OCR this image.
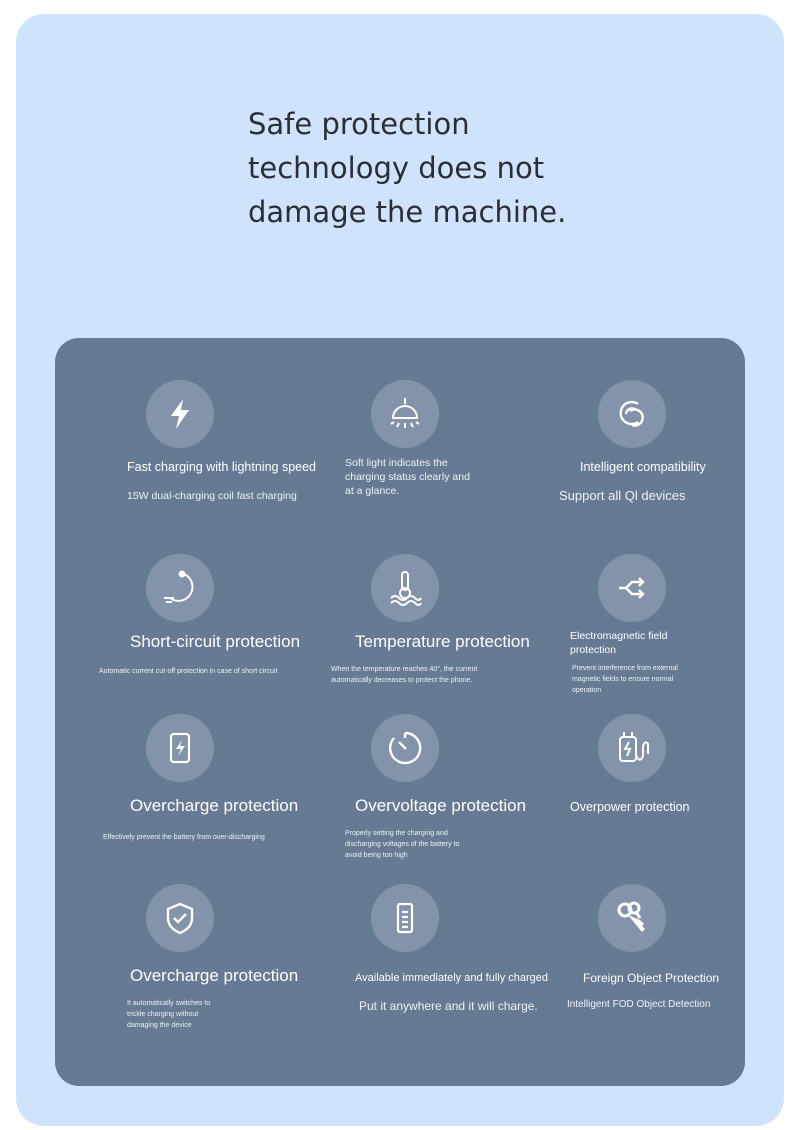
Safe protection
technology does not
damage the machine.
Fast charging with lightning speed
15W dual-charging coil fast charging
Soft light indicates the charging status clearly and at a glance.
Intelligent compatibility
Support all Ql devices
Short-circuit protection
Automatic current cut-off protection in case of short circuit
Temperature protection
When the temperature reaches 40°, the current automatically decreases to protect the phone.
Electromagnetic field protection
Prevent interference from external magnetic fields to ensure normal operation
Overcharge protection
Effectively prevent the battery from over-discharging
Overvoltage protection
Properly setting the charging and discharging voltages of the battery to avoid being too high
Overpower protection
Overcharge protection
It automatically switches to trickle charging without damaging the device
Available immediately and fully charged
Put it anywhere and it will charge.
Foreign Object Protection
Intelligent FOD Object Detection
